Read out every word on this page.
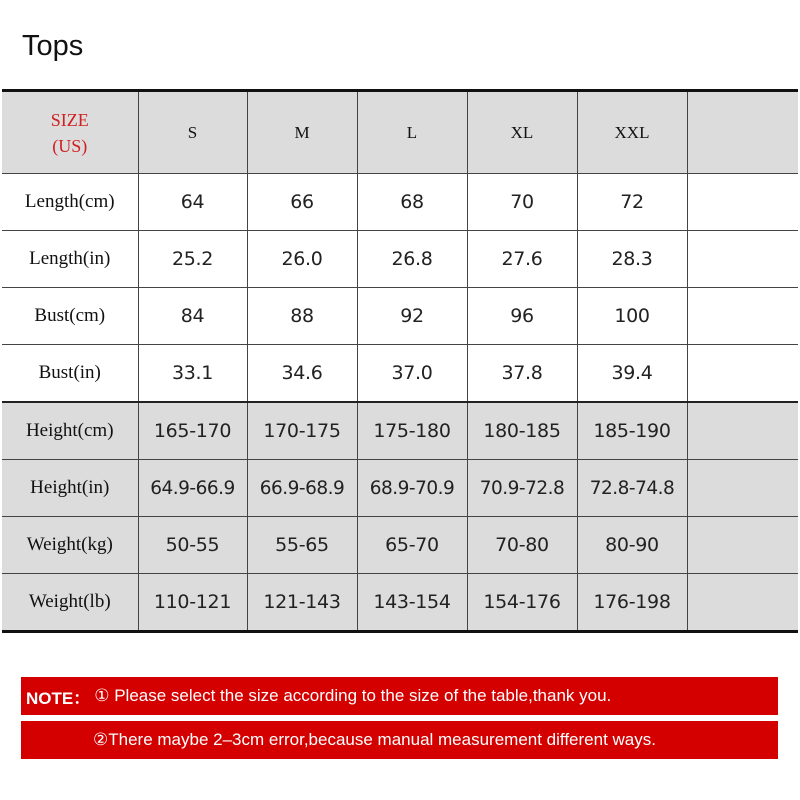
Tops
SIZE
(US)	S	M	L	XL	XXL	
Length(cm)	64	66	68	70	72	
Length(in)	25.2	26.0	26.8	27.6	28.3	
Bust(cm)	84	88	92	96	100	
Bust(in)	33.1	34.6	37.0	37.8	39.4	
Height(cm)	165-170	170-175	175-180	180-185	185-190	
Height(in)	64.9-66.9	66.9-68.9	68.9-70.9	70.9-72.8	72.8-74.8	
Weight(kg)	50-55	55-65	65-70	70-80	80-90	
Weight(lb)	110-121	121-143	143-154	154-176	176-198	
NOTE： ① Please select the size according to the size of the table,thank you.
②There maybe 2–3cm error,because manual measurement different ways.
